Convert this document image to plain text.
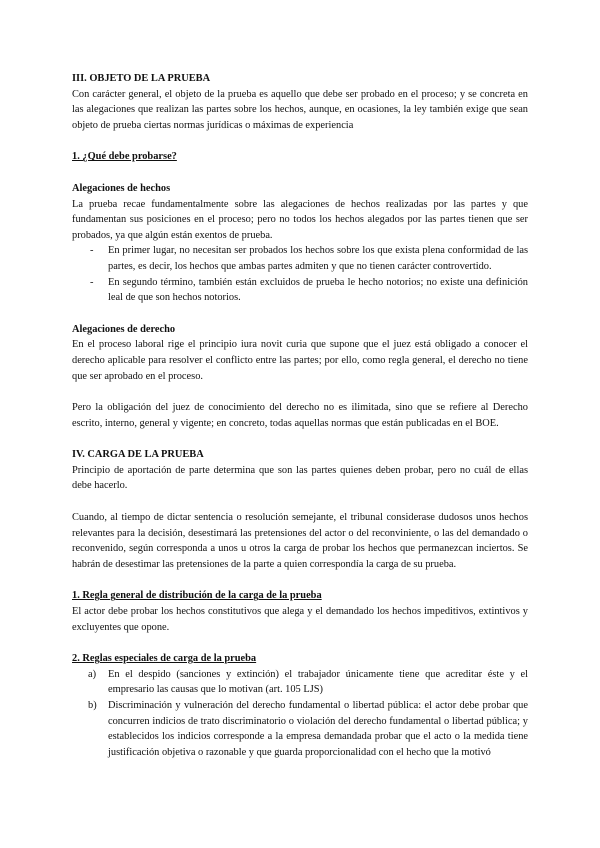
III. OBJETO DE LA PRUEBA

Con carácter general, el objeto de la prueba es aquello que debe ser probado en el proceso; y se concreta en las alegaciones que realizan las partes sobre los hechos, aunque, en ocasiones, la ley también exige que sean objeto de prueba ciertas normas jurídicas o máximas de experiencia

1. ¿Qué debe probarse?

Alegaciones de hechos

La prueba recae fundamentalmente sobre las alegaciones de hechos realizadas por las partes y que fundamentan sus posiciones en el proceso; pero no todos los hechos alegados por las partes tienen que ser probados, ya que algún están exentos de prueba.

- En primer lugar, no necesitan ser probados los hechos sobre los que exista plena conformidad de las partes, es decir, los hechos que ambas partes admiten y que no tienen carácter controvertido.
- En segundo término, también están excluidos de prueba le hecho notorios; no existe una definición leal de que son hechos notorios.

Alegaciones de derecho

En el proceso laboral rige el principio iura novit curia que supone que el juez está obligado a conocer el derecho aplicable para resolver el conflicto entre las partes; por ello, como regla general, el derecho no tiene que ser aprobado en el proceso.

Pero la obligación del juez de conocimiento del derecho no es ilimitada, sino que se refiere al Derecho escrito, interno, general y vigente; en concreto, todas aquellas normas que están publicadas en el BOE.

IV. CARGA DE LA PRUEBA

Principio de aportación de parte determina que son las partes quienes deben probar, pero no cuál de ellas debe hacerlo.

Cuando, al tiempo de dictar sentencia o resolución semejante, el tribunal considerase dudosos unos hechos relevantes para la decisión, desestimará las pretensiones del actor o del reconviniente, o las del demandado o reconvenido, según corresponda a unos u otros la carga de probar los hechos que permanezcan inciertos. Se habrán de desestimar las pretensiones de la parte a quien correspondía la carga de su prueba.

1. Regla general de distribución de la carga de la prueba

El actor debe probar los hechos constitutivos que alega y el demandado los hechos impeditivos, extintivos y excluyentes que opone.

2. Reglas especiales de carga de la prueba

a) En el despido (sanciones y extinción) el trabajador únicamente tiene que acreditar éste y el empresario las causas que lo motivan (art. 105 LJS)
b) Discriminación y vulneración del derecho fundamental o libertad pública: el actor debe probar que concurren indicios de trato discriminatorio o violación del derecho fundamental o libertad pública; y establecidos los indicios corresponde a la empresa demandada probar que el acto o la medida tiene justificación objetiva o razonable y que guarda proporcionalidad con el hecho que la motivó
